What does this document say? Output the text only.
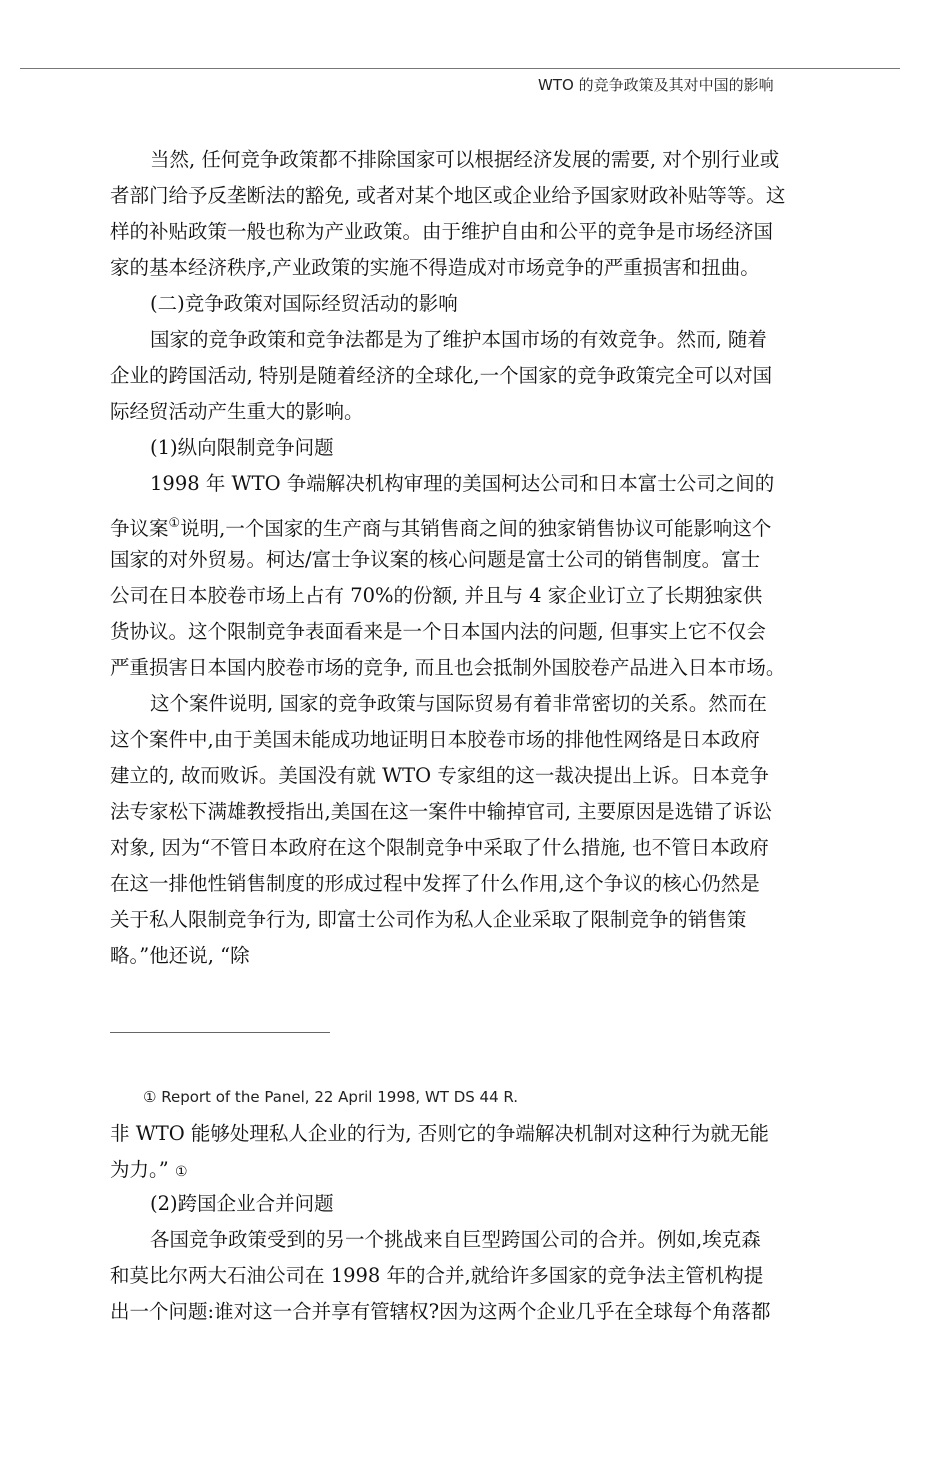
WTO 的竞争政策及其对中国的影响
当然, 任何竞争政策都不排除国家可以根据经济发展的需要, 对个别行业或
者部门给予反垄断法的豁免, 或者对某个地区或企业给予国家财政补贴等等。这
样的补贴政策一般也称为产业政策。由于维护自由和公平的竞争是市场经济国
家的基本经济秩序,产业政策的实施不得造成对市场竞争的严重损害和扭曲。
(二)竞争政策对国际经贸活动的影响
国家的竞争政策和竞争法都是为了维护本国市场的有效竞争。然而, 随着
企业的跨国活动, 特别是随着经济的全球化,一个国家的竞争政策完全可以对国
际经贸活动产生重大的影响。
(1)纵向限制竞争问题
1998 年 WTO 争端解决机构审理的美国柯达公司和日本富士公司之间的
争议案①说明,一个国家的生产商与其销售商之间的独家销售协议可能影响这个
国家的对外贸易。柯达/富士争议案的核心问题是富士公司的销售制度。富士
公司在日本胶卷市场上占有 70%的份额, 并且与 4 家企业订立了长期独家供
货协议。这个限制竞争表面看来是一个日本国内法的问题, 但事实上它不仅会
严重损害日本国内胶卷市场的竞争, 而且也会抵制外国胶卷产品进入日本市场。
这个案件说明, 国家的竞争政策与国际贸易有着非常密切的关系。然而在
这个案件中,由于美国未能成功地证明日本胶卷市场的排他性网络是日本政府
建立的, 故而败诉。美国没有就 WTO 专家组的这一裁决提出上诉。日本竞争
法专家松下满雄教授指出,美国在这一案件中输掉官司, 主要原因是选错了诉讼
对象, 因为“不管日本政府在这个限制竞争中采取了什么措施, 也不管日本政府
在这一排他性销售制度的形成过程中发挥了什么作用,这个争议的核心仍然是
关于私人限制竞争行为, 即富士公司作为私人企业采取了限制竞争的销售策
略。”他还说, “除
① Report of the Panel, 22 April 1998, WT DS 44 R.
非 WTO 能够处理私人企业的行为, 否则它的争端解决机制对这种行为就无能
为力。” ①
(2)跨国企业合并问题
各国竞争政策受到的另一个挑战来自巨型跨国公司的合并。例如,埃克森
和莫比尔两大石油公司在 1998 年的合并,就给许多国家的竞争法主管机构提
出一个问题:谁对这一合并享有管辖权?因为这两个企业几乎在全球每个角落都
